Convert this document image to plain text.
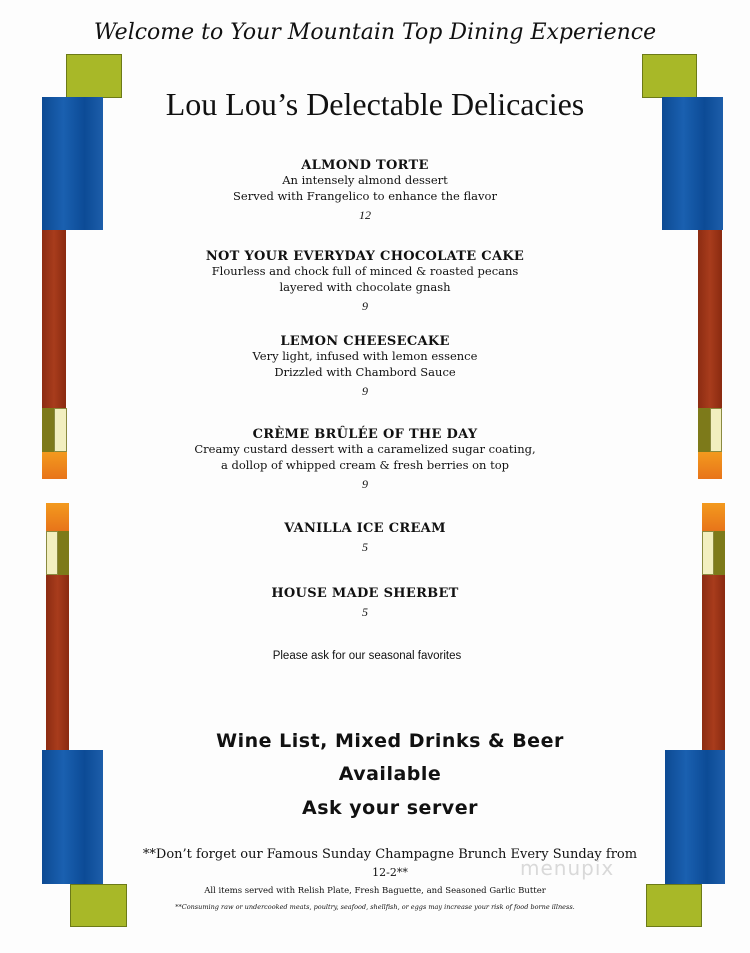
Welcome to Your Mountain Top Dining Experience
Lou Lou’s Delectable Delicacies
ALMOND TORTE
An intensely almond dessert
Served with Frangelico to enhance the flavor
12
NOT YOUR EVERYDAY CHOCOLATE CAKE
Flourless and chock full of minced & roasted pecans
layered with chocolate gnash
9
LEMON CHEESECAKE
Very light, infused with lemon essence
Drizzled with Chambord Sauce
9
CRÈME BRÛLÉE OF THE DAY
Creamy custard dessert with a caramelized sugar coating,
a dollop of whipped cream & fresh berries on top
9
VANILLA ICE CREAM
5
HOUSE MADE SHERBET
5
Please ask for our seasonal favorites
Wine List, Mixed Drinks & Beer
Available
Ask your server
**Don’t forget our Famous Sunday Champagne Brunch Every Sunday from
12-2**
All items served with Relish Plate, Fresh Baguette, and Seasoned Garlic Butter
**Consuming raw or undercooked meats, poultry, seafood, shellfish, or eggs may increase your risk of food borne illness.
menupix
